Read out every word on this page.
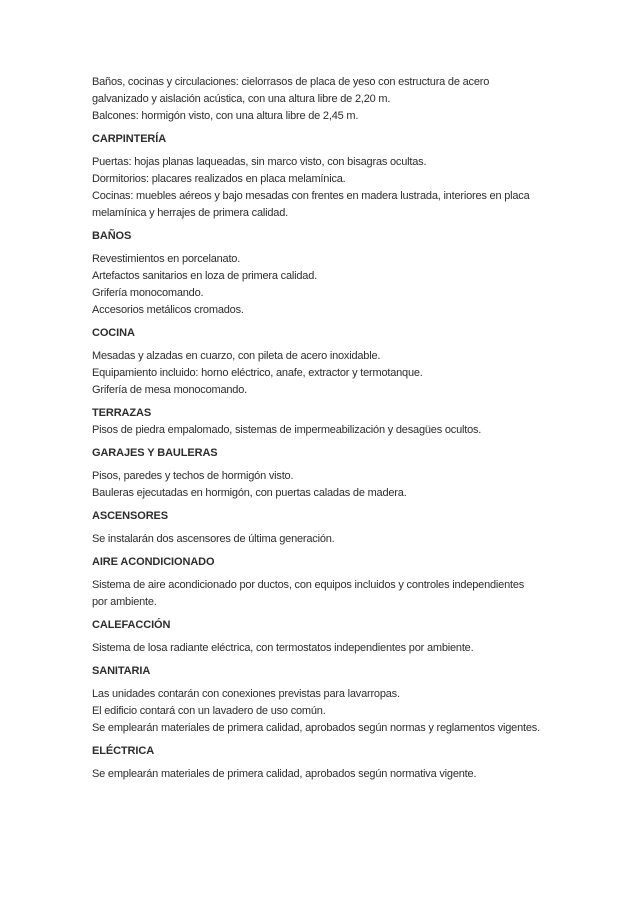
Baños, cocinas y circulaciones: cielorrasos de placa de yeso con estructura de acero
galvanizado y aislación acústica, con una altura libre de 2,20 m.
Balcones: hormigón visto, con una altura libre de 2,45 m.
CARPINTERÍA
Puertas: hojas planas laqueadas, sin marco visto, con bisagras ocultas.
Dormitorios: placares realizados en placa melamínica.
Cocinas: muebles aéreos y bajo mesadas con frentes en madera lustrada, interiores en placa
melamínica y herrajes de primera calidad.
BAÑOS
Revestimientos en porcelanato.
Artefactos sanitarios en loza de primera calidad.
Grifería monocomando.
Accesorios metálicos cromados.
COCINA
Mesadas y alzadas en cuarzo, con pileta de acero inoxidable.
Equipamiento incluido: horno eléctrico, anafe, extractor y termotanque.
Grifería de mesa monocomando.
TERRAZAS
Pisos de piedra empalomado, sistemas de impermeabilización y desagües ocultos.
GARAJES Y BAULERAS
Pisos, paredes y techos de hormigón visto.
Bauleras ejecutadas en hormigón, con puertas caladas de madera.
ASCENSORES
Se instalarán dos ascensores de última generación.
AIRE ACONDICIONADO
Sistema de aire acondicionado por ductos, con equipos incluidos y controles independientes
por ambiente.
CALEFACCIÓN
Sistema de losa radiante eléctrica, con termostatos independientes por ambiente.
SANITARIA
Las unidades contarán con conexiones previstas para lavarropas.
El edificio contará con un lavadero de uso común.
Se emplearán materiales de primera calidad, aprobados según normas y reglamentos vigentes.
ELÉCTRICA
Se emplearán materiales de primera calidad, aprobados según normativa vigente.
